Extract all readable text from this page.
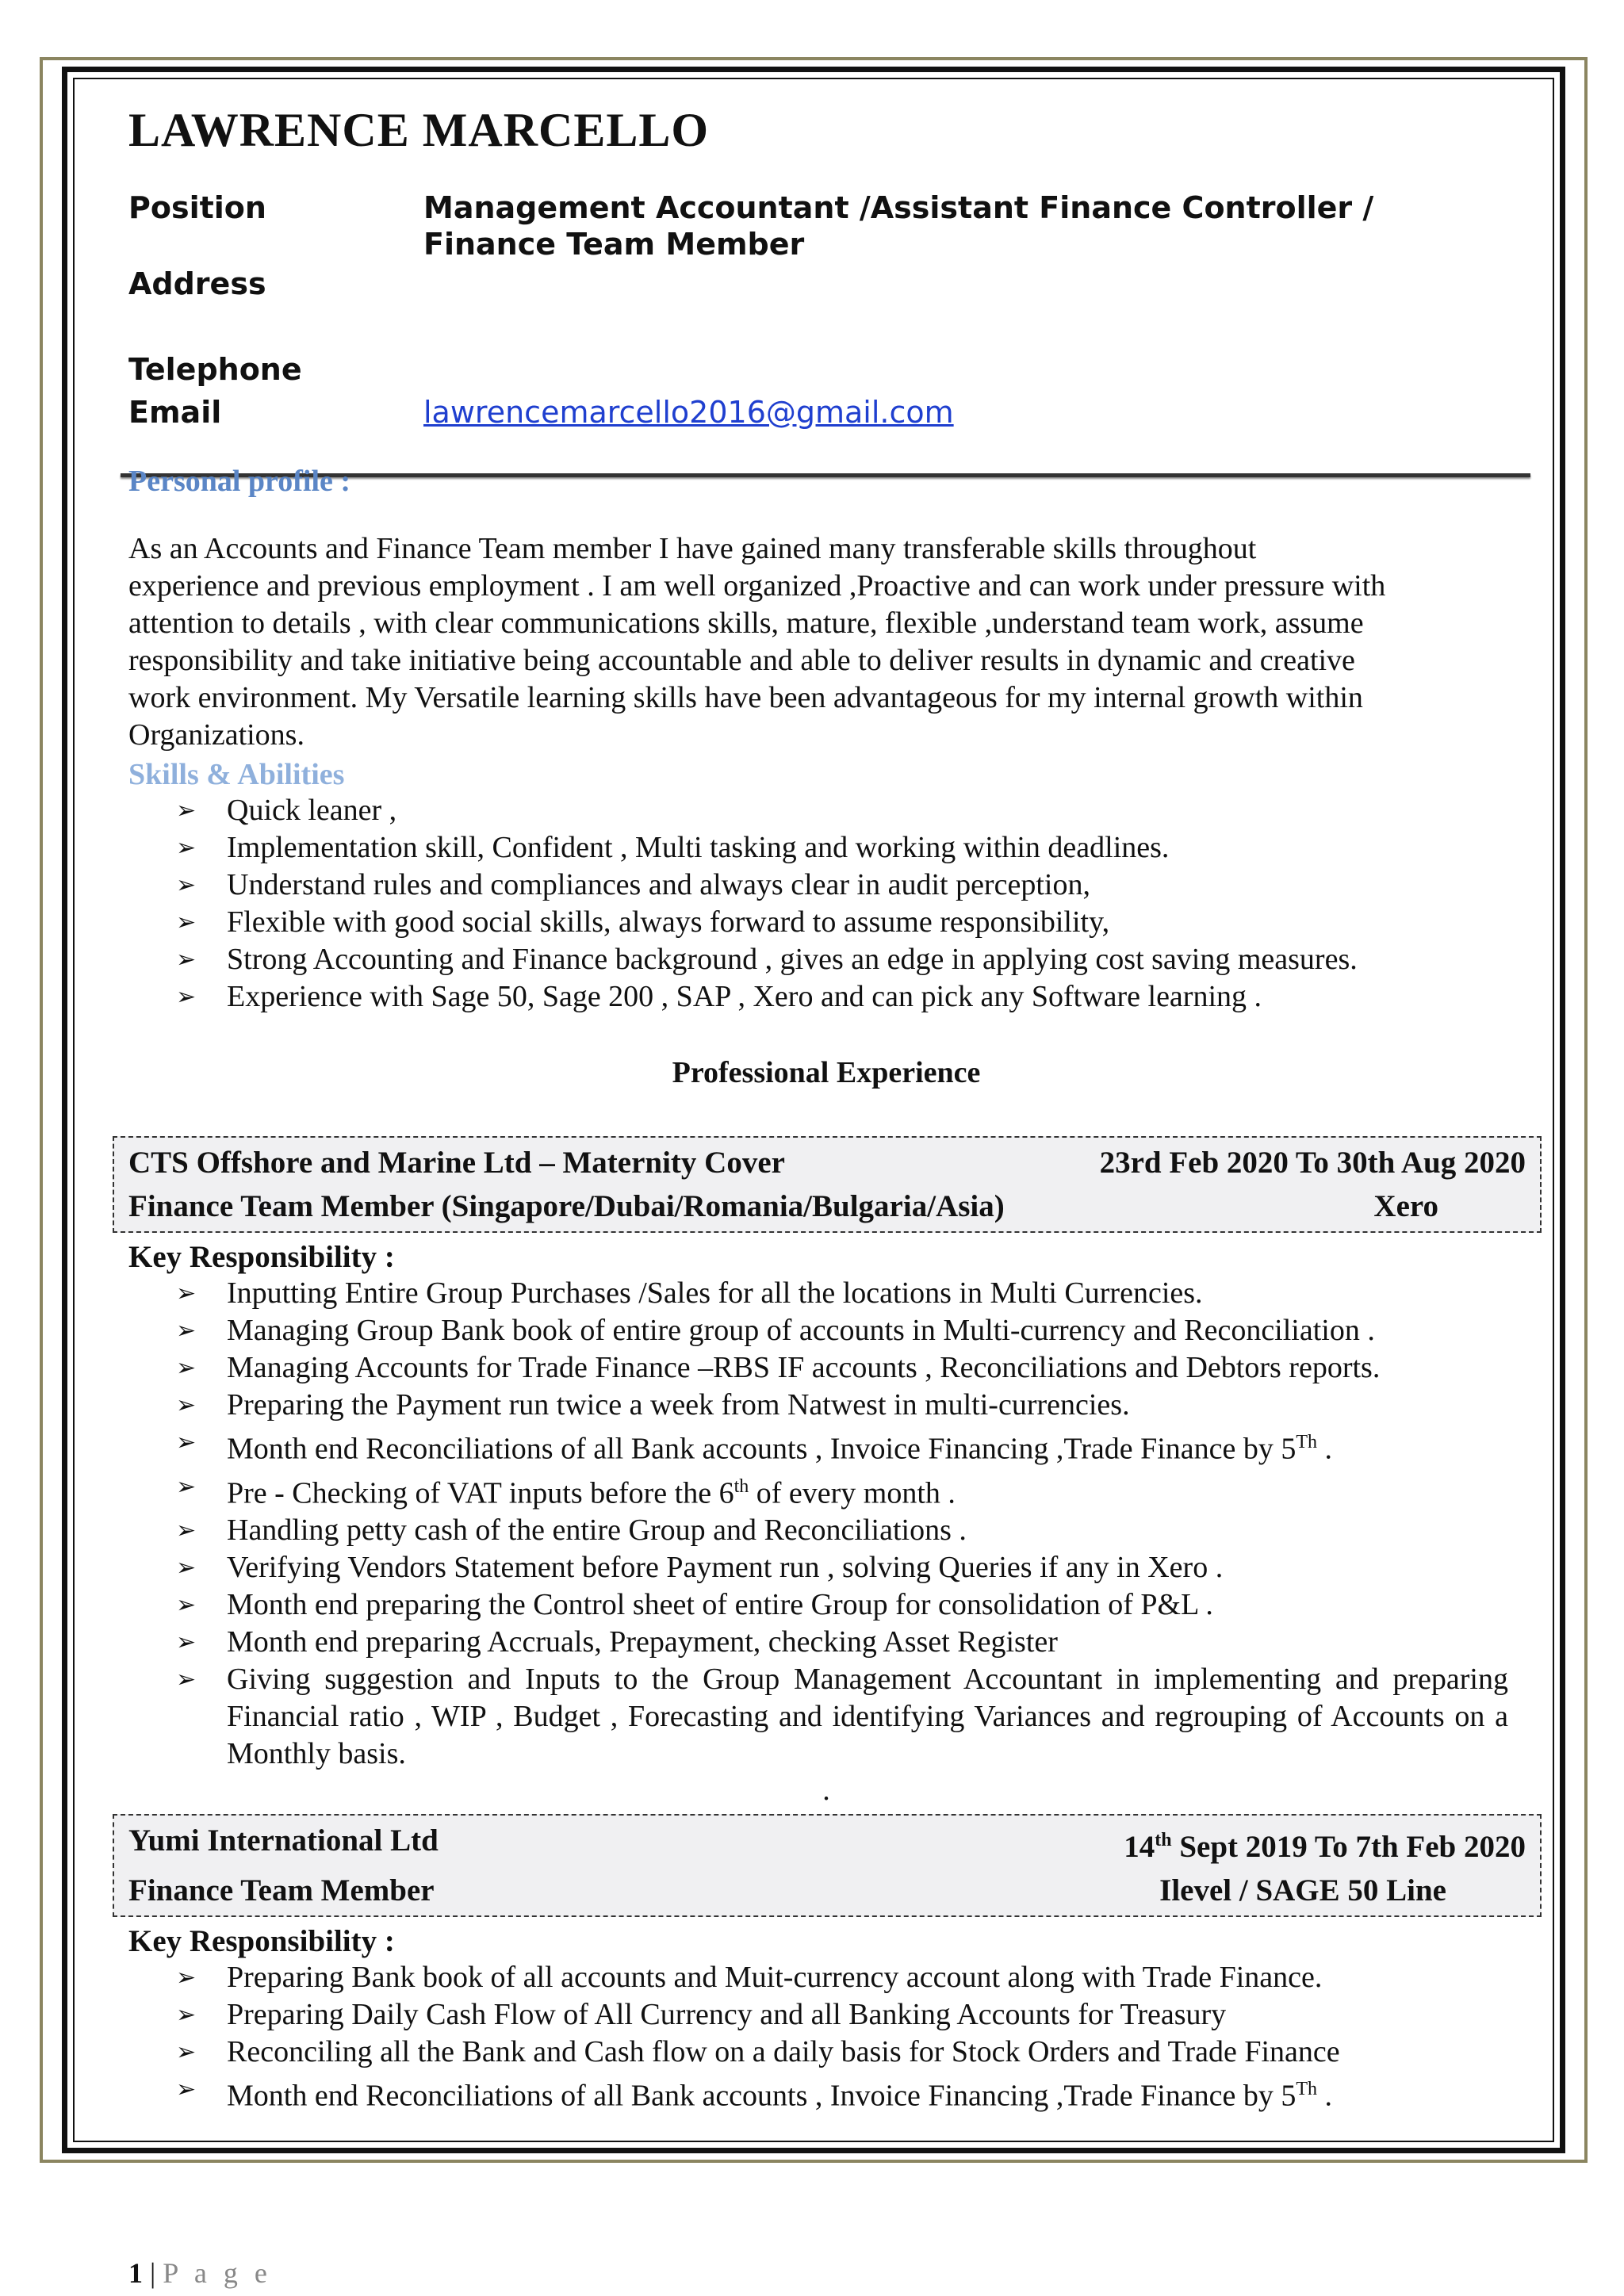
LAWRENCE MARCELLO
Position	Management Accountant /Assistant Finance Controller /
Finance Team Member
Address
Telephone
Email	lawrencemarcello2016@gmail.com
Personal profile :
As an Accounts and Finance Team member I have gained many transferable skills throughout
experience and previous employment . I am well organized ,Proactive and can work under pressure with
attention to details , with clear communications skills, mature, flexible ,understand team work, assume
responsibility and take initiative being accountable and able to deliver results in dynamic and creative
work environment. My Versatile learning skills have been advantageous for my internal growth within
Organizations.
Skills & Abilities
➢ Quick leaner ,
➢ Implementation skill, Confident , Multi tasking and working within deadlines.
➢ Understand rules and compliances and always clear in audit perception,
➢ Flexible with good social skills, always forward to assume responsibility,
➢ Strong Accounting and Finance background , gives an edge in applying cost saving measures.
➢ Experience with Sage 50, Sage 200 , SAP , Xero and can pick any Software learning .
Professional Experience
CTS Offshore and Marine Ltd – Maternity Cover	23rd Feb 2020 To 30th Aug 2020
Finance Team Member (Singapore/Dubai/Romania/Bulgaria/Asia)	Xero
Key Responsibility :
➢ Inputting Entire Group Purchases /Sales for all the locations in Multi Currencies.
➢ Managing Group Bank book of entire group of accounts in Multi-currency and Reconciliation .
➢ Managing Accounts for Trade Finance –RBS IF accounts , Reconciliations and Debtors reports.
➢ Preparing the Payment run twice a week from Natwest in multi-currencies.
➢ Month end Reconciliations of all Bank accounts , Invoice Financing ,Trade Finance by 5Th .
➢ Pre - Checking of VAT inputs before the 6th of every month .
➢ Handling petty cash of the entire Group and Reconciliations .
➢ Verifying Vendors Statement before Payment run , solving Queries if any in Xero .
➢ Month end preparing the Control sheet of entire Group for consolidation of P&L .
➢ Month end preparing Accruals, Prepayment, checking Asset Register
➢ Giving suggestion and Inputs to the Group Management Accountant in implementing and preparing Financial ratio , WIP , Budget , Forecasting and identifying Variances and regrouping of Accounts on a Monthly basis.
.
Yumi International Ltd	14th Sept 2019 To 7th Feb 2020
Finance Team Member	Ilevel / SAGE 50 Line
Key Responsibility :
➢ Preparing Bank book of all accounts and Muit-currency account along with Trade Finance.
➢ Preparing Daily Cash Flow of All Currency and all Banking Accounts for Treasury
➢ Reconciling all the Bank and Cash flow on a daily basis for Stock Orders and Trade Finance
➢ Month end Reconciliations of all Bank accounts , Invoice Financing ,Trade Finance by 5Th .
1 | P a g e
